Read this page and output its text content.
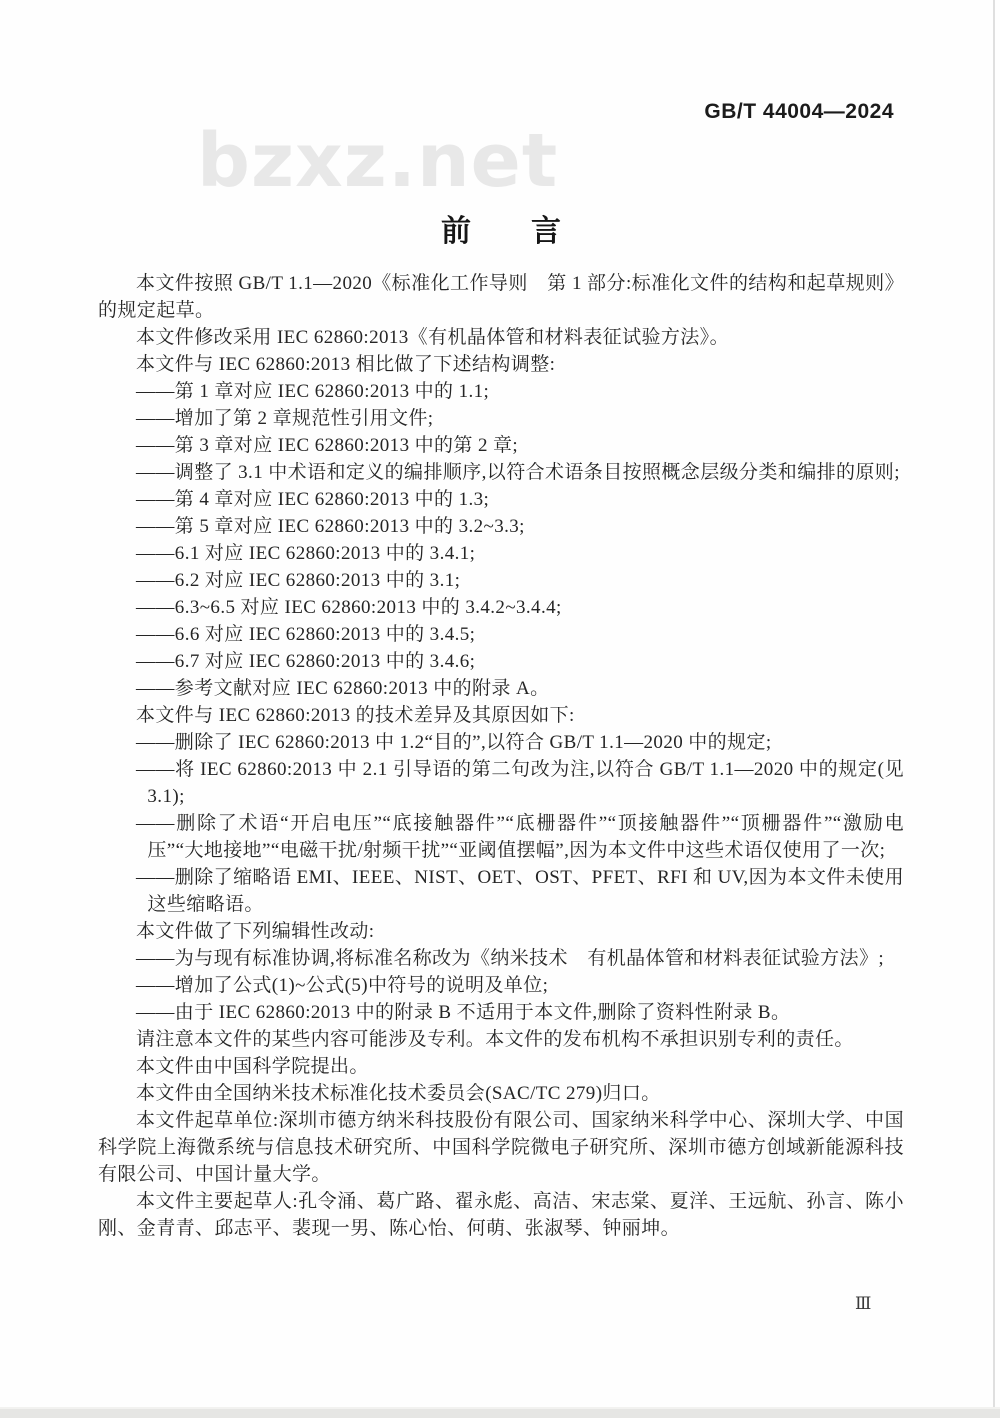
GB/T 44004—2024
bzxz.net
前　　言
本文件按照 GB/T 1.1—2020《标准化工作导则　第 1 部分:标准化文件的结构和起草规则》的规定起草。
本文件修改采用 IEC 62860:2013《有机晶体管和材料表征试验方法》。
本文件与 IEC 62860:2013 相比做了下述结构调整:
——第 1 章对应 IEC 62860:2013 中的 1.1;
——增加了第 2 章规范性引用文件;
——第 3 章对应 IEC 62860:2013 中的第 2 章;
——调整了 3.1 中术语和定义的编排顺序,以符合术语条目按照概念层级分类和编排的原则;
——第 4 章对应 IEC 62860:2013 中的 1.3;
——第 5 章对应 IEC 62860:2013 中的 3.2~3.3;
——6.1 对应 IEC 62860:2013 中的 3.4.1;
——6.2 对应 IEC 62860:2013 中的 3.1;
——6.3~6.5 对应 IEC 62860:2013 中的 3.4.2~3.4.4;
——6.6 对应 IEC 62860:2013 中的 3.4.5;
——6.7 对应 IEC 62860:2013 中的 3.4.6;
——参考文献对应 IEC 62860:2013 中的附录 A。
本文件与 IEC 62860:2013 的技术差异及其原因如下:
——删除了 IEC 62860:2013 中 1.2“目的”,以符合 GB/T 1.1—2020 中的规定;
——将 IEC 62860:2013 中 2.1 引导语的第二句改为注,以符合 GB/T 1.1—2020 中的规定(见 3.1);
——删除了术语“开启电压”“底接触器件”“底栅器件”“顶接触器件”“顶栅器件”“激励电压”“大地接地”“电磁干扰/射频干扰”“亚阈值摆幅”,因为本文件中这些术语仅使用了一次;
——删除了缩略语 EMI、IEEE、NIST、OET、OST、PFET、RFI 和 UV,因为本文件未使用这些缩略语。
本文件做了下列编辑性改动:
——为与现有标准协调,将标准名称改为《纳米技术　有机晶体管和材料表征试验方法》;
——增加了公式(1)~公式(5)中符号的说明及单位;
——由于 IEC 62860:2013 中的附录 B 不适用于本文件,删除了资料性附录 B。
请注意本文件的某些内容可能涉及专利。本文件的发布机构不承担识别专利的责任。
本文件由中国科学院提出。
本文件由全国纳米技术标准化技术委员会(SAC/TC 279)归口。
本文件起草单位:深圳市德方纳米科技股份有限公司、国家纳米科学中心、深圳大学、中国科学院上海微系统与信息技术研究所、中国科学院微电子研究所、深圳市德方创域新能源科技有限公司、中国计量大学。
本文件主要起草人:孔令涌、葛广路、翟永彪、高洁、宋志棠、夏洋、王远航、孙言、陈小刚、金青青、邱志平、裴现一男、陈心怡、何萌、张淑琴、钟丽坤。
Ⅲ
